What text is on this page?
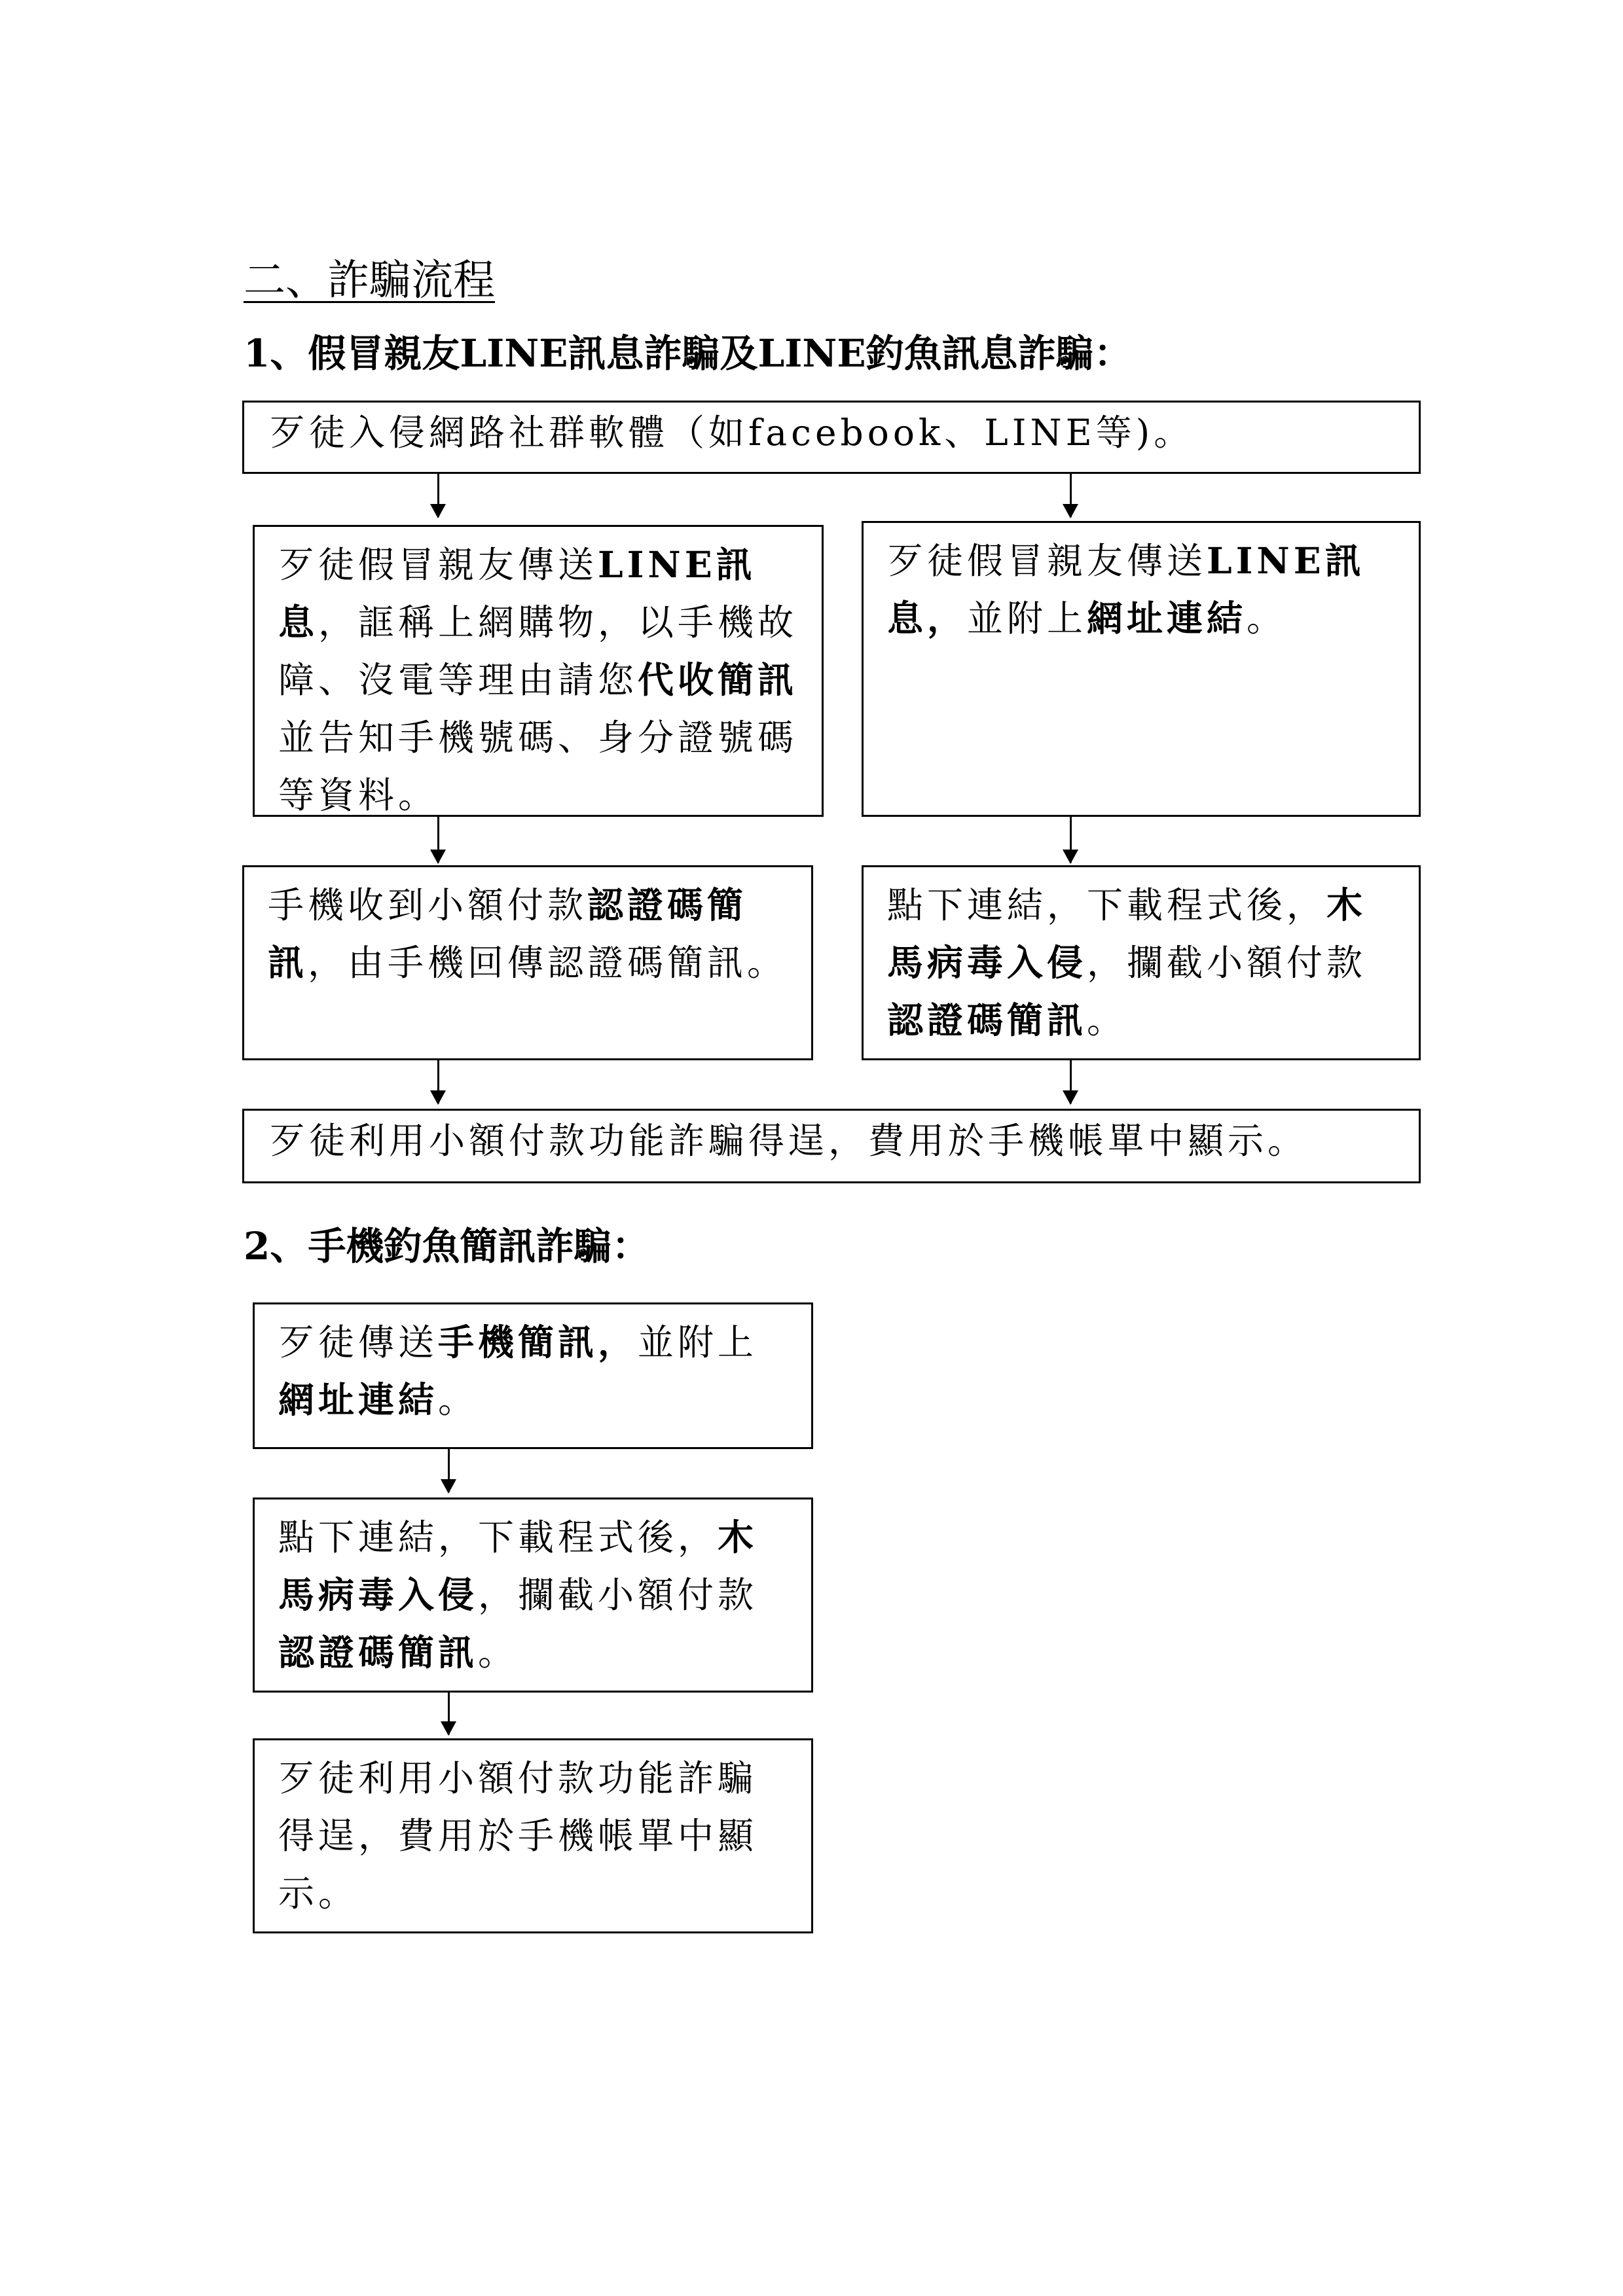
二、詐騙流程
1、假冒親友LINE訊息詐騙及LINE釣魚訊息詐騙：
歹徒入侵網路社群軟體（如facebook、LINE等)。
歹徒假冒親友傳送LINE訊息，誆稱上網購物，以手機故障、沒電等理由請您代收簡訊並告知手機號碼、身分證號碼等資料。
歹徒假冒親友傳送LINE訊息，並附上網址連結。
手機收到小額付款認證碼簡訊，由手機回傳認證碼簡訊。
點下連結，下載程式後，木馬病毒入侵，攔截小額付款認證碼簡訊。
歹徒利用小額付款功能詐騙得逞，費用於手機帳單中顯示。
2、手機釣魚簡訊詐騙：
歹徒傳送手機簡訊，並附上網址連結。
點下連結，下載程式後，木馬病毒入侵，攔截小額付款認證碼簡訊。
歹徒利用小額付款功能詐騙得逞，費用於手機帳單中顯示。
